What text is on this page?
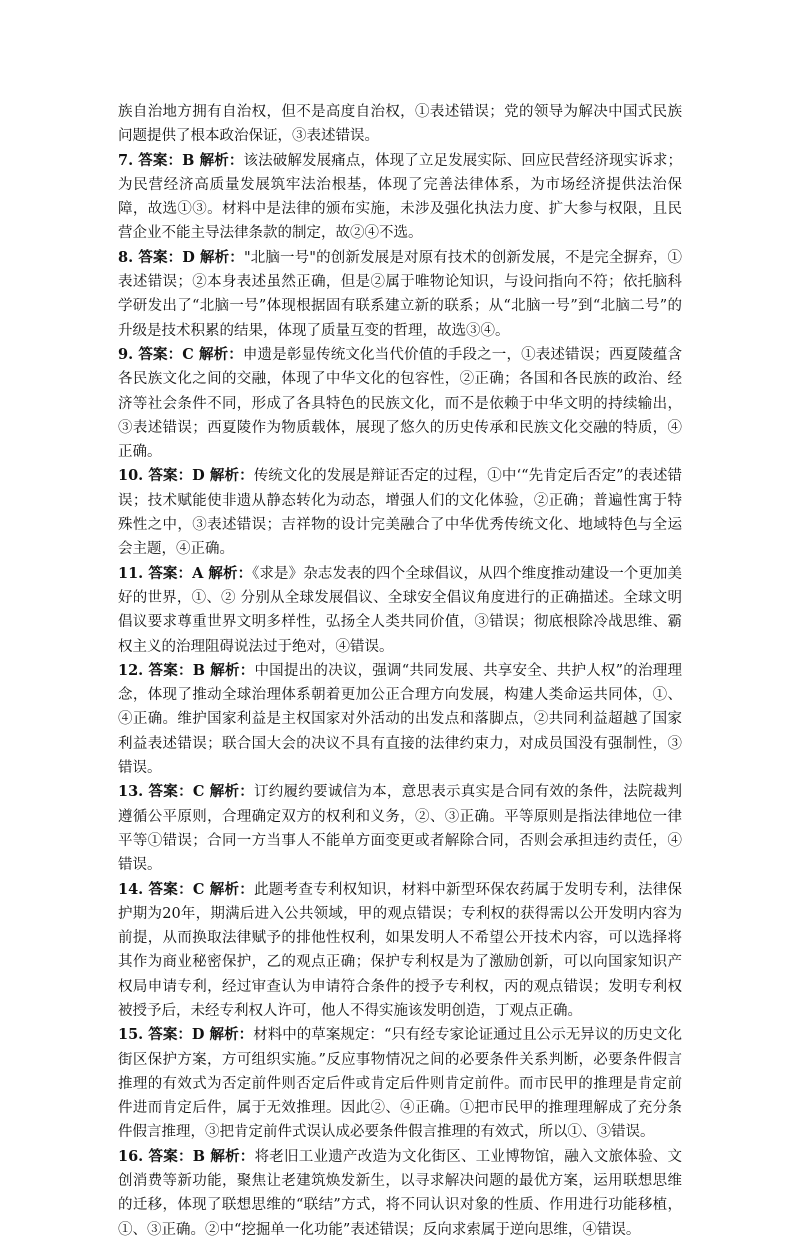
族自治地方拥有自治权，但不是高度自治权，①表述错误；党的领导为解决中国式民族问题提供了根本政治保证，③表述错误。

7. 答案：B 解析：该法破解发展痛点，体现了立足发展实际、回应民营经济现实诉求；为民营经济高质量发展筑牢法治根基，体现了完善法律体系，为市场经济提供法治保障，故选①③。材料中是法律的颁布实施，未涉及强化执法力度、扩大参与权限，且民营企业不能主导法律条款的制定，故②④不选。

8. 答案：D 解析："北脑一号"的创新发展是对原有技术的创新发展，不是完全摒弃，①表述错误；②本身表述虽然正确，但是②属于唯物论知识，与设问指向不符；依托脑科学研发出了“北脑一号”体现根据固有联系建立新的联系；从“北脑一号”到“北脑二号”的升级是技术积累的结果，体现了质量互变的哲理，故选③④。

9. 答案：C 解析：申遗是彰显传统文化当代价值的手段之一，①表述错误；西夏陵蕴含各民族文化之间的交融，体现了中华文化的包容性，②正确；各国和各民族的政治、经济等社会条件不同，形成了各具特色的民族文化，而不是依赖于中华文明的持续输出，③表述错误；西夏陵作为物质载体，展现了悠久的历史传承和民族文化交融的特质，④正确。

10. 答案：D 解析：传统文化的发展是辩证否定的过程，①中‘“先肯定后否定”的表述错误；技术赋能使非遗从静态转化为动态，增强人们的文化体验，②正确；普遍性寓于特殊性之中，③表述错误；吉祥物的设计完美融合了中华优秀传统文化、地域特色与全运会主题，④正确。

11. 答案：A 解析：《求是》杂志发表的四个全球倡议，从四个维度推动建设一个更加美好的世界，①、② 分别从全球发展倡议、全球安全倡议角度进行的正确描述。全球文明倡议要求尊重世界文明多样性，弘扬全人类共同价值，③错误；彻底根除冷战思维、霸权主义的治理阻碍说法过于绝对，④错误。

12. 答案：B 解析：中国提出的决议，强调“共同发展、共享安全、共护人权”的治理理念，体现了推动全球治理体系朝着更加公正合理方向发展，构建人类命运共同体，①、④正确。维护国家利益是主权国家对外活动的出发点和落脚点，②共同利益超越了国家利益表述错误；联合国大会的决议不具有直接的法律约束力，对成员国没有强制性，③错误。

13. 答案：C 解析：订约履约要诚信为本，意思表示真实是合同有效的条件，法院裁判遵循公平原则，合理确定双方的权利和义务，②、③正确。平等原则是指法律地位一律平等①错误；合同一方当事人不能单方面变更或者解除合同，否则会承担违约责任，④错误。

14. 答案：C 解析：此题考查专利权知识，材料中新型环保农药属于发明专利，法律保护期为20年，期满后进入公共领域，甲的观点错误；专利权的获得需以公开发明内容为前提，从而换取法律赋予的排他性权利，如果发明人不希望公开技术内容，可以选择将其作为商业秘密保护，乙的观点正确；保护专利权是为了激励创新，可以向国家知识产权局申请专利，经过审查认为申请符合条件的授予专利权，丙的观点错误；发明专利权被授予后，未经专利权人许可，他人不得实施该发明创造，丁观点正确。

15. 答案：D 解析：材料中的草案规定：“只有经专家论证通过且公示无异议的历史文化街区保护方案，方可组织实施。”反应事物情况之间的必要条件关系判断，必要条件假言推理的有效式为否定前件则否定后件或肯定后件则肯定前件。而市民甲的推理是肯定前件进而肯定后件，属于无效推理。因此②、④正确。①把市民甲的推理理解成了充分条件假言推理，③把肯定前件式误认成必要条件假言推理的有效式，所以①、③错误。

16. 答案：B 解析：将老旧工业遗产改造为文化街区、工业博物馆，融入文旅体验、文创消费等新功能，聚焦让老建筑焕发新生，以寻求解决问题的最优方案，运用联想思维的迁移，体现了联想思维的“联结”方式，将不同认识对象的性质、作用进行功能移植，①、③正确。②中“挖掘单一化功能”表述错误；反向求索属于逆向思维，④错误。
